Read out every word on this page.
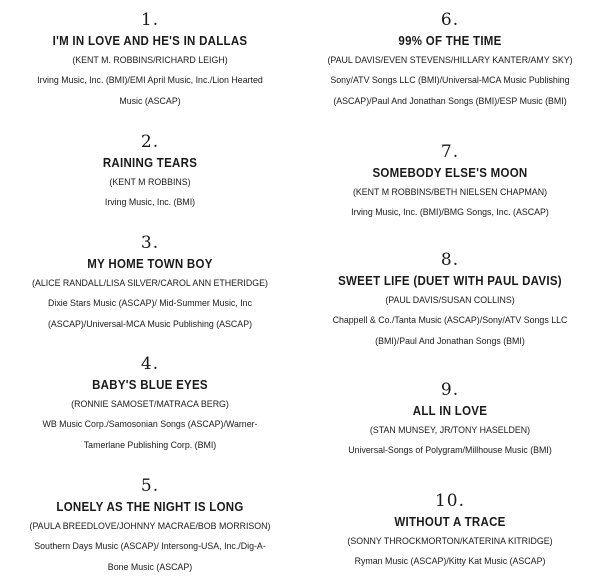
1.
I'M IN LOVE AND HE'S IN DALLAS
(KENT M. ROBBINS/RICHARD LEIGH)
Irving Music, Inc. (BMI)/EMI April Music, Inc./Lion Hearted Music (ASCAP)
2.
RAINING TEARS
(KENT M ROBBINS)
Irving Music, Inc. (BMI)
3.
MY HOME TOWN BOY
(ALICE RANDALL/LISA SILVER/CAROL ANN ETHERIDGE)
Dixie Stars Music (ASCAP)/ Mid-Summer Music, Inc (ASCAP)/Universal-MCA Music Publishing (ASCAP)
4.
BABY'S BLUE EYES
(RONNIE SAMOSET/MATRACA BERG)
WB Music Corp./Samosonian Songs (ASCAP)/Warner-Tamerlane Publishing Corp. (BMI)
5.
LONELY AS THE NIGHT IS LONG
(PAULA BREEDLOVE/JOHNNY MACRAE/BOB MORRISON)
Southern Days Music (ASCAP)/ Intersong-USA, Inc./Dig-A-Bone Music (ASCAP)
6.
99% OF THE TIME
(PAUL DAVIS/EVEN STEVENS/HILLARY KANTER/AMY SKY)
Sony/ATV Songs LLC (BMI)/Universal-MCA Music Publishing (ASCAP)/Paul And Jonathan Songs (BMI)/ESP Music (BMI)
7.
SOMEBODY ELSE'S MOON
(KENT M ROBBINS/BETH NIELSEN CHAPMAN)
Irving Music, Inc. (BMI)/BMG Songs, Inc. (ASCAP)
8.
SWEET LIFE (DUET WITH PAUL DAVIS)
(PAUL DAVIS/SUSAN COLLINS)
Chappell & Co./Tanta Music (ASCAP)/Sony/ATV Songs LLC (BMI)/Paul And Jonathan Songs (BMI)
9.
ALL IN LOVE
(STAN MUNSEY, JR/TONY HASELDEN)
Universal-Songs of Polygram/Millhouse Music (BMI)
10.
WITHOUT A TRACE
(SONNY THROCKMORTON/KATERINA KITRIDGE)
Ryman Music (ASCAP)/Kitty Kat Music (ASCAP)
